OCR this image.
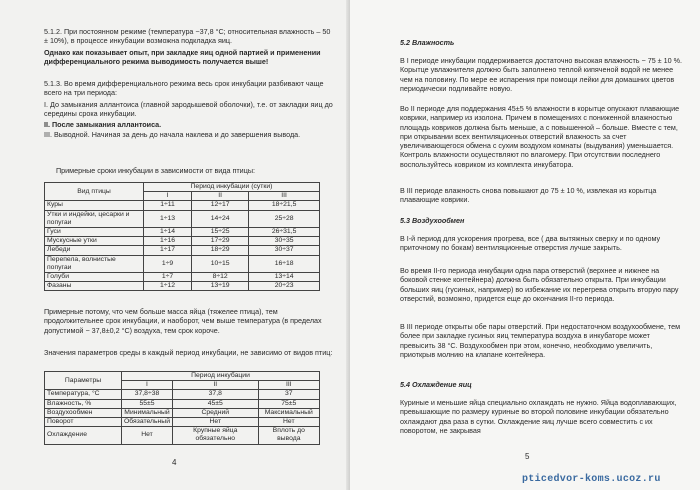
5.1.2. При постоянном режиме (температура −37,8 °C; относительная влажность – 50 ± 10%), в процессе инкубации возможна подкладка яиц.

Однако как показывает опыт, при закладке яиц одной партией и применении дифференциального режима выводимость получается выше!

5.1.3. Во время дифференциального режима весь срок инкубации разбивают чаще всего на три периода:

I. До замыкания аллантоиса (главной зародышевой оболочки), т.е. от закладки яиц до середины срока инкубации.

II. После замыкания аллантоиса.

III. Выводной. Начиная за день до начала наклева и до завершения вывода.

Примерные сроки инкубации в зависимости от вида птицы:

Вид птицы	Период инкубации (сутки)		
	I	II	III
Куры	1÷11	12÷17	18÷21,5
Утки и индейки, цесарки и попугаи	1÷13	14÷24	25÷28
Гуси	1÷14	15÷25	26÷31,5
Мускусные утки	1÷16	17÷29	30÷35
Лебеди	1÷17	18÷29	30÷37
Перепела, волнистые попугаи	1÷9	10÷15	16÷18
Голуби	1÷7	8÷12	13÷14
Фазаны	1÷12	13÷19	20÷23

Примерные потому, что чем больше масса яйца (тяжелее птица), тем продолжительнее срок инкубации, и наоборот, чем выше температура (в пределах допустимой − 37,8±0,2 °C) воздуха, тем срок короче.

Значения параметров среды в каждый период инкубации, не зависимо от видов птиц:

Параметры	Период инкубации		
	I	II	III
Температура, °C	37,8÷38	37,8	37
Влажность, %	55±5	45±5	75±5
Воздухообмен	Минимальный	Средний	Максимальный
Поворот	Обязательный	Нет	Нет
Охлаждение	Нет	Крупные яйца обязательно	Вплоть до вывода
4

5.2 Влажность

В I периоде инкубации поддерживается достаточно высокая влажность − 75 ± 10 %. Корытце увлажнителя должно быть заполнено теплой кипяченой водой не менее чем на половину. По мере ее испарения при помощи лейки для домашних цветов периодически подливайте новую.

Во II периоде для поддержания 45±5 % влажности в корытце опускают плавающие коврики, например из изолона. Причем в помещениях с пониженной влажностью площадь ковриков должна быть меньше, а с повышенной – больше. Вместе с тем, при открывании всех вентиляционных отверстий влажность за счет увеличивающегося обмена с сухим воздухом комнаты (выдувания) уменьшается. Контроль влажности осуществляют по влагомеру. При отсутствии последнего воспользуйтесь ковриком из комплекта инкубатора.

В III периоде влажность снова повышают до 75 ± 10 %, извлекая из корытца плавающие коврики.

5.3 Воздухообмен

В I-й период для ускорения прогрева, все ( два вытяжных сверху и по одному приточному по бокам) вентиляционные отверстия лучше закрыть.

Во время II-го периода инкубации одна пара отверстий (верхнее и нижнее на боковой стенке контейнера) должна быть обязательно открыта. При инкубации больших яиц (гусиных, например) во избежание их перегрева открыть вторую пару отверстий, возможно, придется еще до окончания II-го периода.

В III периоде открыты обе пары отверстий. При недостаточном воздухообмене, тем более при закладке гусиных яиц температура воздуха в инкубаторе может превысить 38 °C. Воздухообмен при этом, конечно, необходимо увеличить, приоткрыв молнию на клапане контейнера.

5.4 Охлаждение яиц

Куриные и меньшие яйца специально охлаждать не нужно. Яйца водоплавающих, превышающие по размеру куриные во второй половине инкубации обязательно охлаждают два раза в сутки. Охлаждение яиц лучше всего совместить с их поворотом, не закрывая

5
pticedvor-koms.ucoz.ru
